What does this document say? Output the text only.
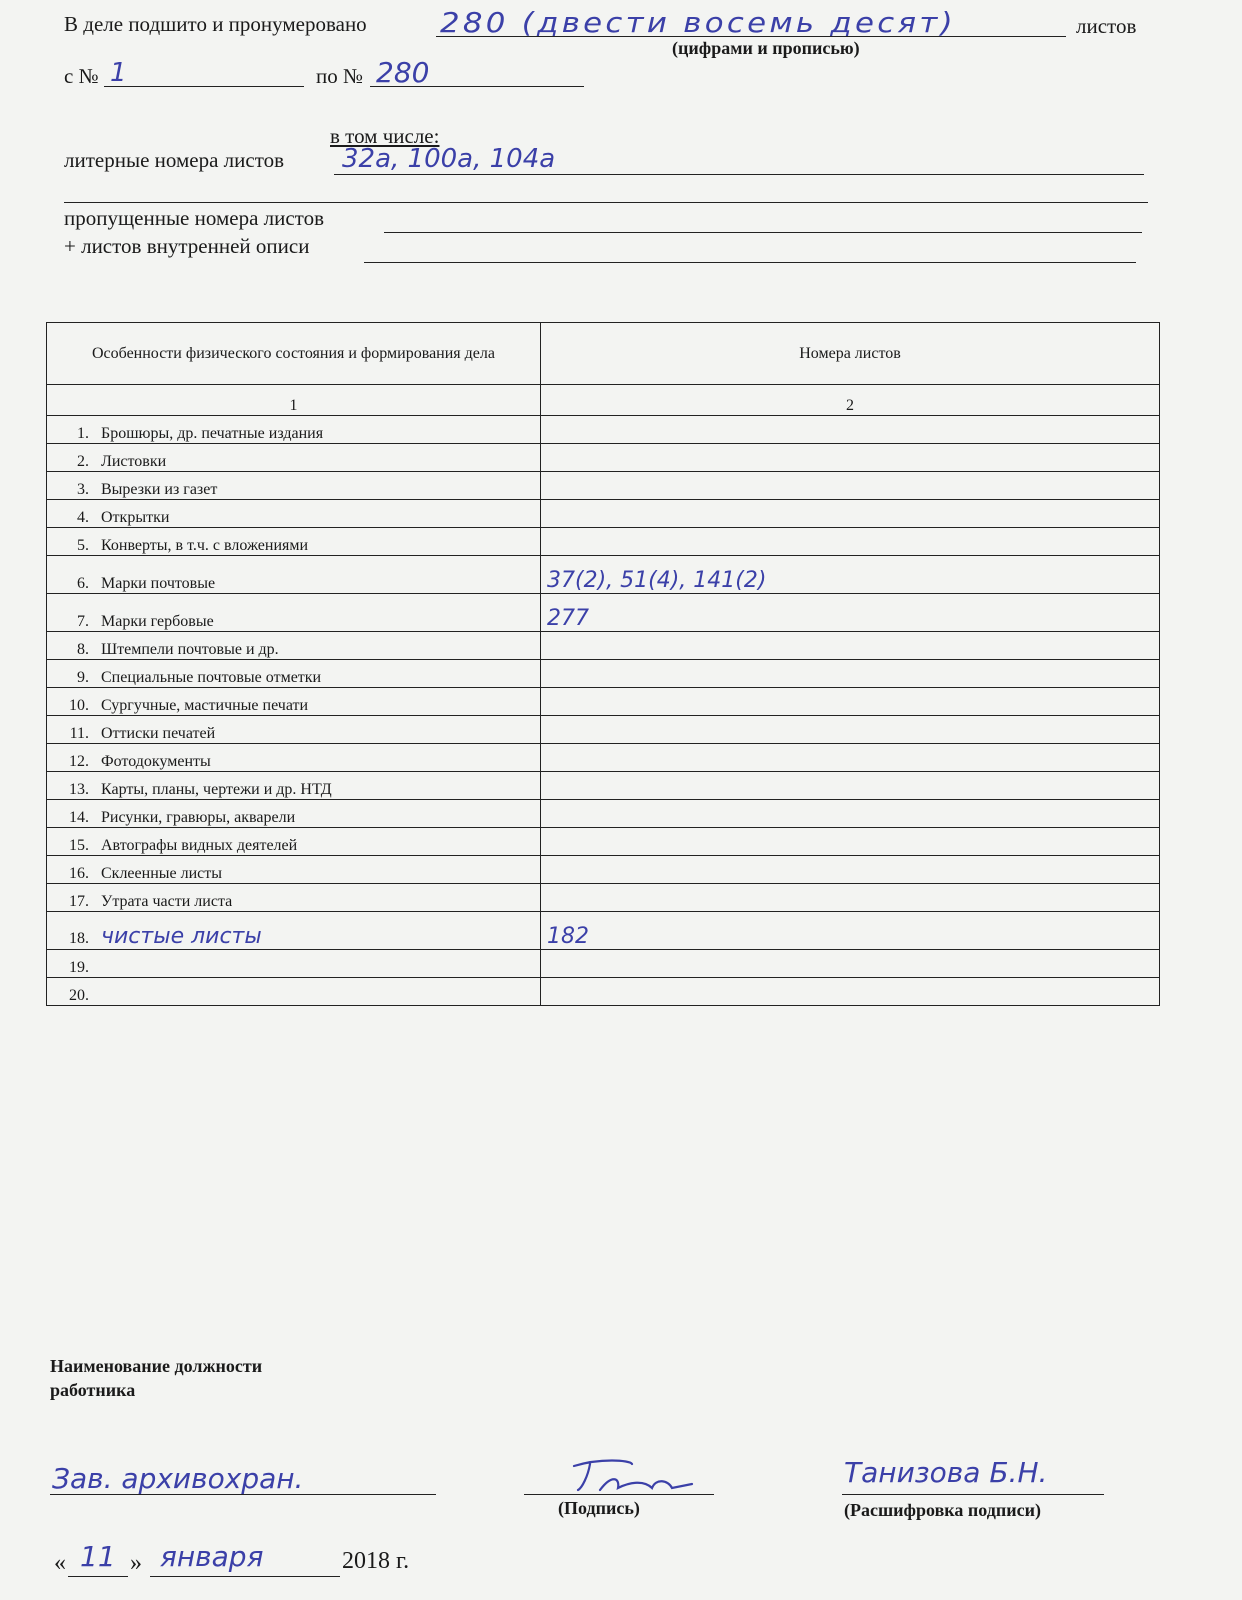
В деле подшито и пронумеровано	280 (двести восемь десят)	листов
(цифрами и прописью)
с № 1	по № 280
в том числе:
литерные номера листов 32а, 100а, 104а
пропущенные номера листов
+ листов внутренней описи
Особенности физического состояния и формирования дела	Номера листов
1	2
1. Брошюры, др. печатные издания	
2. Листовки	
3. Вырезки из газет	
4. Открытки	
5. Конверты, в т.ч. с вложениями	
6. Марки почтовые	37(2), 51(4), 141(2)
7. Марки гербовые	277
8. Штемпели почтовые и др.	
9. Специальные почтовые отметки	
10. Сургучные, мастичные печати	
11. Оттиски печатей	
12. Фотодокументы	
13. Карты, планы, чертежи и др. НТД	
14. Рисунки, гравюры, акварели	
15. Автографы видных деятелей	
16. Склеенные листы	
17. Утрата части листа	
18. чистые листы	182
19.	
20.	
Наименование должности
работника
Зав. архивохран.
(Подпись)
Танизова Б.Н.
(Расшифровка подписи)
« 11 » января	2018 г.
